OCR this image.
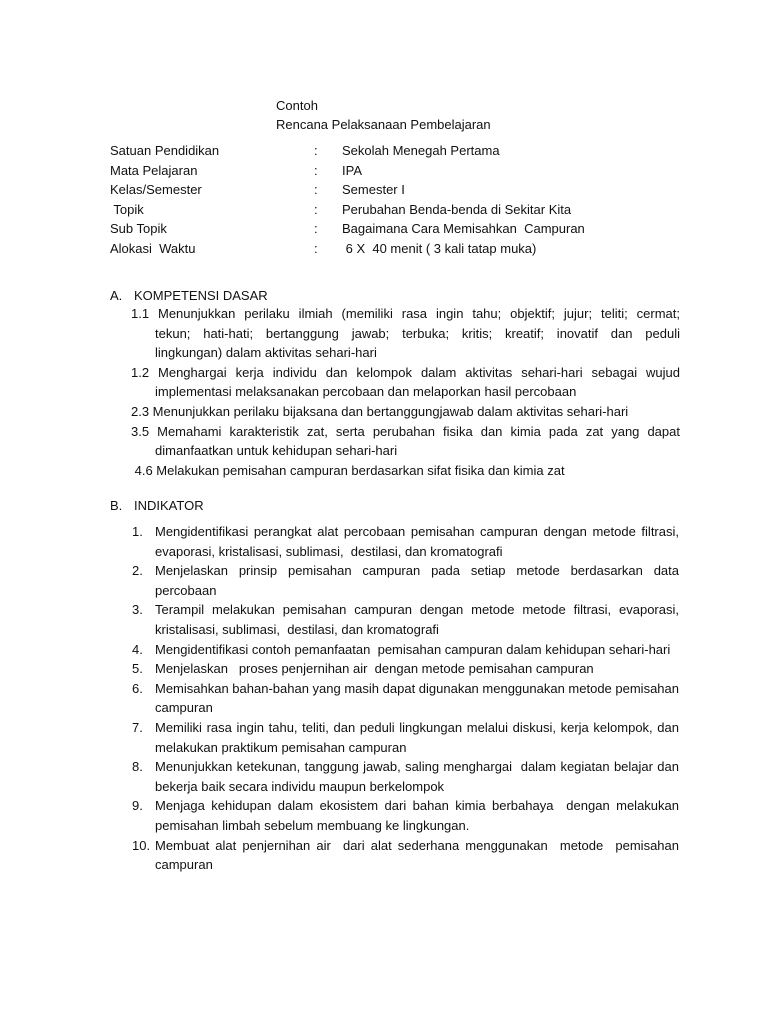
Contoh
Rencana Pelaksanaan Pembelajaran
Satuan Pendidikan	:	Sekolah Menegah Pertama
Mata Pelajaran	:	IPA
Kelas/Semester	:	Semester I
Topik	:	Perubahan Benda-benda di Sekitar Kita
Sub Topik	:	Bagaimana Cara Memisahkan  Campuran
Alokasi  Waktu	:	6 X  40 menit ( 3 kali tatap muka)
A. KOMPETENSI DASAR
1.1 Menunjukkan perilaku ilmiah (memiliki rasa ingin tahu; objektif; jujur; teliti; cermat;
tekun; hati-hati; bertanggung jawab; terbuka; kritis; kreatif; inovatif dan peduli
lingkungan) dalam aktivitas sehari-hari
1.2 Menghargai kerja individu dan kelompok dalam aktivitas sehari-hari sebagai wujud
implementasi melaksanakan percobaan dan melaporkan hasil percobaan
2.3 Menunjukkan perilaku bijaksana dan bertanggungjawab dalam aktivitas sehari-hari
3.5 Memahami karakteristik zat, serta perubahan fisika dan kimia pada zat yang dapat
dimanfaatkan untuk kehidupan sehari-hari
4.6 Melakukan pemisahan campuran berdasarkan sifat fisika dan kimia zat
B. INDIKATOR
1. Mengidentifikasi perangkat alat percobaan pemisahan campuran dengan metode filtrasi,
evaporasi, kristalisasi, sublimasi,  destilasi, dan kromatografi
2. Menjelaskan prinsip pemisahan campuran pada setiap metode berdasarkan data
percobaan
3. Terampil melakukan pemisahan campuran dengan metode metode filtrasi, evaporasi,
kristalisasi, sublimasi,  destilasi, dan kromatografi
4. Mengidentifikasi contoh pemanfaatan  pemisahan campuran dalam kehidupan sehari-hari
5. Menjelaskan   proses penjernihan air  dengan metode pemisahan campuran
6. Memisahkan bahan-bahan yang masih dapat digunakan menggunakan metode pemisahan
campuran
7. Memiliki rasa ingin tahu, teliti, dan peduli lingkungan melalui diskusi, kerja kelompok, dan
melakukan praktikum pemisahan campuran
8. Menunjukkan ketekunan, tanggung jawab, saling menghargai  dalam kegiatan belajar dan
bekerja baik secara individu maupun berkelompok
9. Menjaga kehidupan dalam ekosistem dari bahan kimia berbahaya  dengan melakukan
pemisahan limbah sebelum membuang ke lingkungan.
10. Membuat alat penjernihan air  dari alat sederhana menggunakan  metode  pemisahan
campuran
